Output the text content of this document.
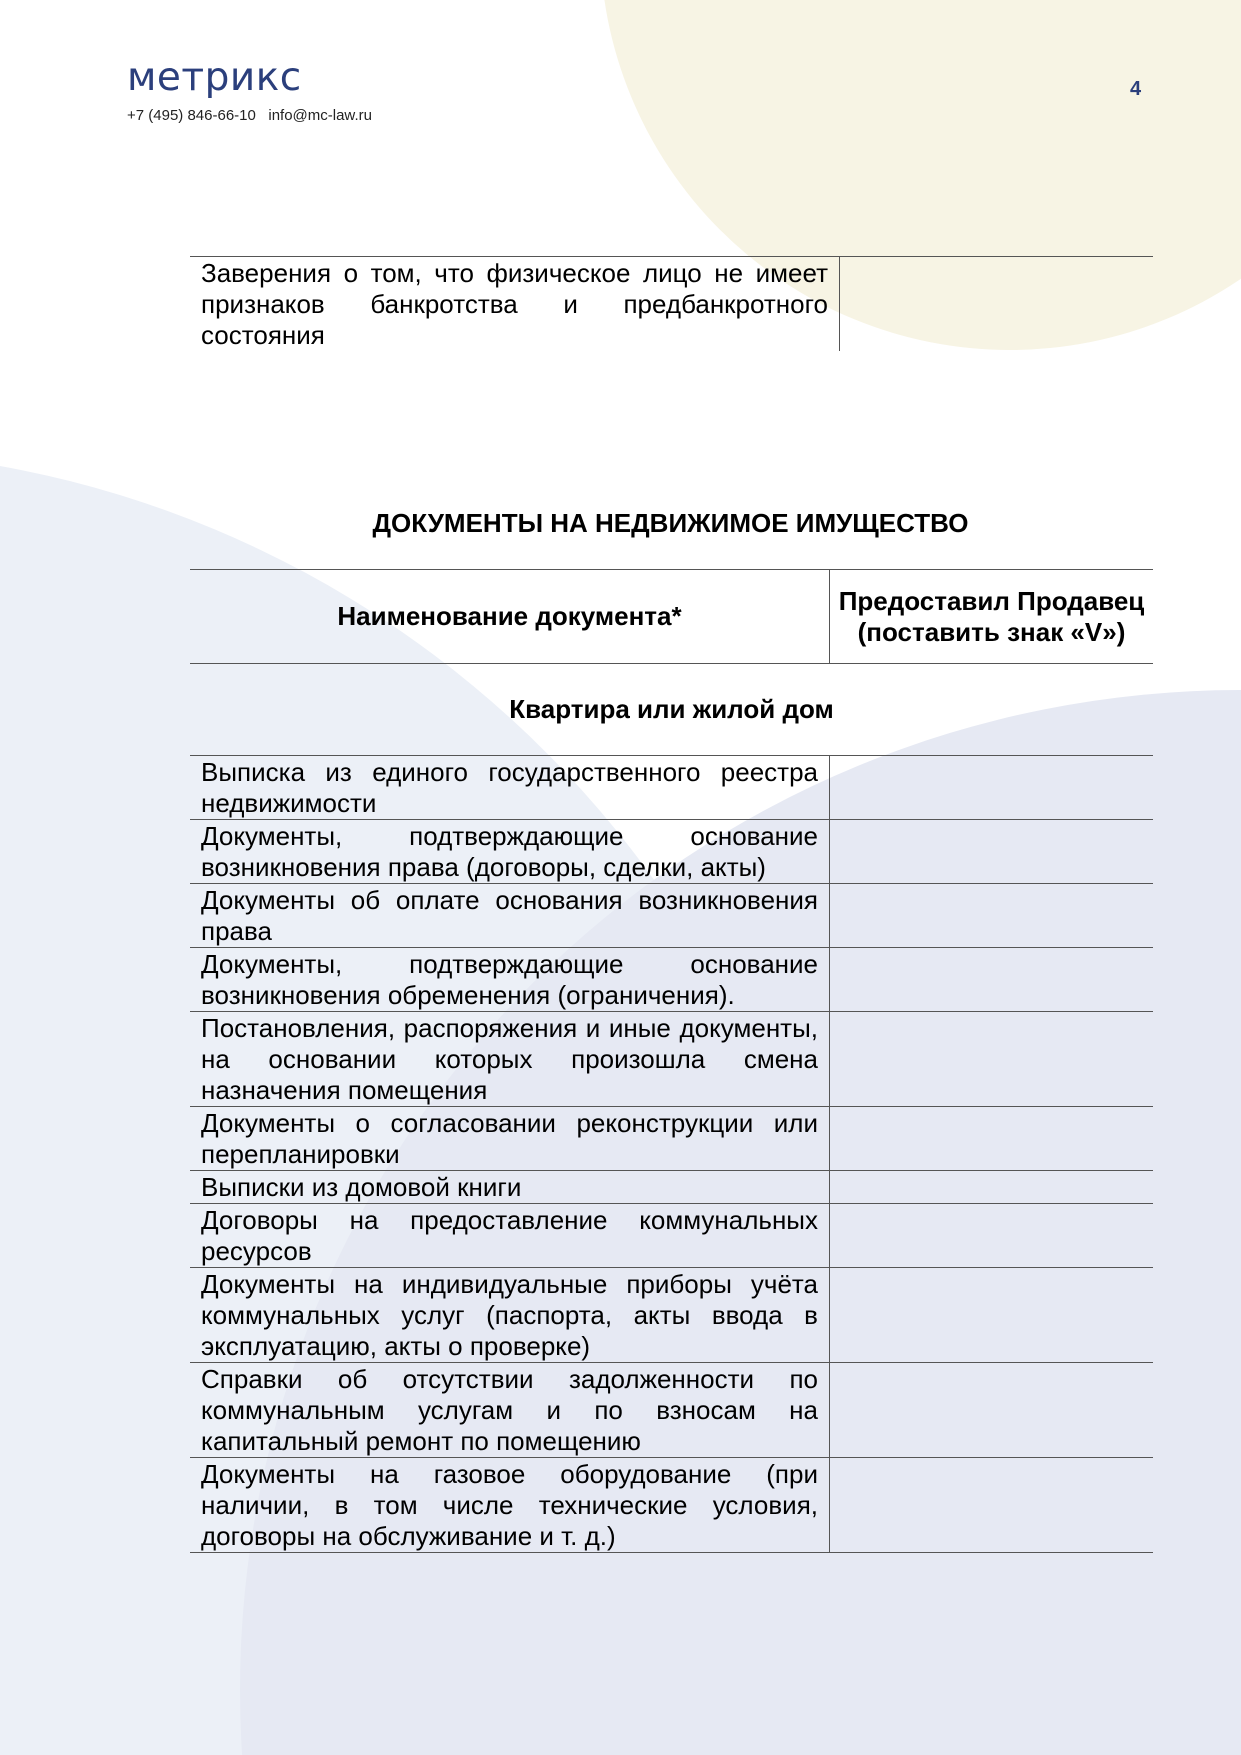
метрикс
+7 (495) 846-66-10 info@mc-law.ru
4
Заверения о том, что физическое лицо не имеет признаков банкротства и предбанкротного состояния	
ДОКУМЕНТЫ НА НЕДВИЖИМОЕ ИМУЩЕСТВО
Наименование документа*	Предоставил Продавец (поставить знак «V»)
Квартира или жилой дом	
Выписка из единого государственного реестра недвижимости	
Документы, подтверждающие основание возникновения права (договоры, сделки, акты)	
Документы об оплате основания возникновения права	
Документы, подтверждающие основание возникновения обременения (ограничения).	
Постановления, распоряжения и иные документы, на основании которых произошла смена назначения помещения	
Документы о согласовании реконструкции или перепланировки	
Выписки из домовой книги	
Договоры на предоставление коммунальных ресурсов	
Документы на индивидуальные приборы учёта коммунальных услуг (паспорта, акты ввода в эксплуатацию, акты о проверке)	
Справки об отсутствии задолженности по коммунальным услугам и по взносам на капитальный ремонт по помещению	
Документы на газовое оборудование (при наличии, в том числе технические условия, договоры на обслуживание и т. д.)	
